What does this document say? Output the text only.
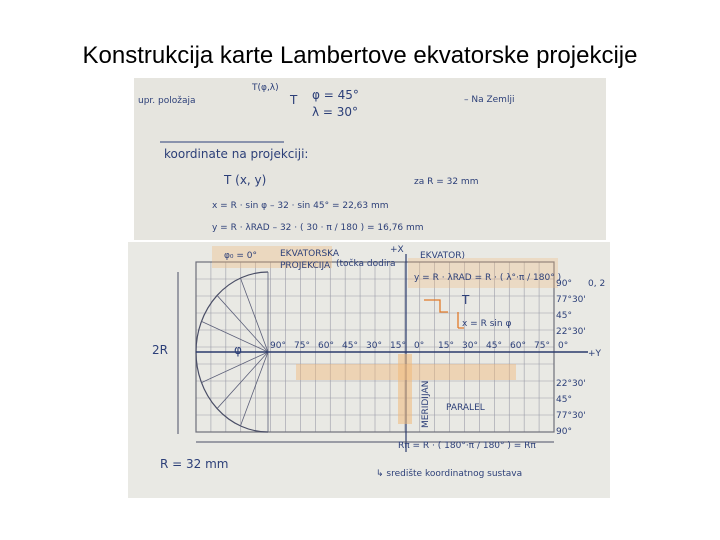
Konstrukcija karte Lambertove ekvatorske projekcije
T(φ,λ)
upr. položaja	T φ = 45°
λ = 30°
– Na Zemlji
koordinate na projekciji:
T (x, y)	za R = 32 mm
x = R · sin φ – 32 · sin 45° = 22,63 mm
y = R · λRAD – 32 · ( 30 · π / 180 ) = 16,76 mm
φ₀ = 0°	EKVATORSKA
PROJEKCIJA (točka dodira
EKVATOR)
+X
y = R · λRAD = R · ( λ°·π / 180° )
T
x = R sin φ
2R	φ	+Y
MERIDIJAN PARALEL
Rπ = R · ( 180°·π / 180° ) = Rπ
R = 32 mm
↳ središte koordinatnog sustava
0, 2
90° 75° 60° 45° 30° 15° 0° 15° 30° 45° 60° 75° 0°
90°
77°30'
45°
22°30'
22°30'
45°
77°30'
90°
